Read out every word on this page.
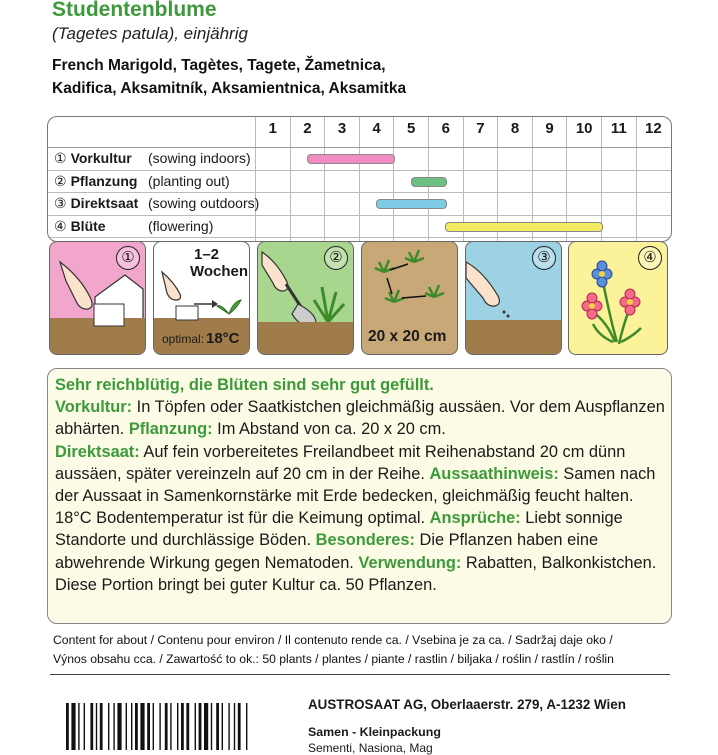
Studentenblume
(Tagetes patula), einjährig
French Marigold, Tagètes, Tagete, Žametnica,
Kadifica, Aksamitník, Aksamientnica, Aksamitka
1	2	3	4	5	6	7	8	9	10	11	12
① Vorkultur (sowing indoors)
② Pflanzung (planting out)
③ Direktsaat (sowing outdoors)
④ Blüte	(flowering)
①	1–2
Wochen
optimal: 18°C
②
20 x 20 cm
③	④
Sehr reichblütig, die Blüten sind sehr gut gefüllt.
Vorkultur: In Töpfen oder Saatkistchen gleichmäßig aussäen. Vor dem Auspflanzen abhärten. Pflanzung: Im Abstand von ca. 20 x 20 cm.
Direktsaat: Auf fein vorbereitetes Freilandbeet mit Reihenabstand 20 cm dünn aussäen, später vereinzeln auf 20 cm in der Reihe. Aussaathinweis: Samen nach der Aussaat in Samenkornstärke mit Erde bedecken, gleichmäßig feucht halten. 18°C Bodentemperatur ist für die Keimung optimal. Ansprüche: Liebt sonnige Standorte und durchlässige Böden. Besonderes: Die Pflanzen haben eine abwehrende Wirkung gegen Nematoden. Verwendung: Rabatten, Balkonkistchen. Diese Portion bringt bei guter Kultur ca. 50 Pflanzen.
Content for about / Contenu pour environ / Il contenuto rende ca. / Vsebina je za ca. / Sadržaj daje oko /
Výnos obsahu cca. / Zawartość to ok.: 50 plants / plantes / piante / rastlin / biljaka / roślin / rastlín / roślin
AUSTROSAAT AG, Oberlaaerstr. 279, A-1232 Wien
Samen - Kleinpackung
Sementi, Nasiona, Mag
